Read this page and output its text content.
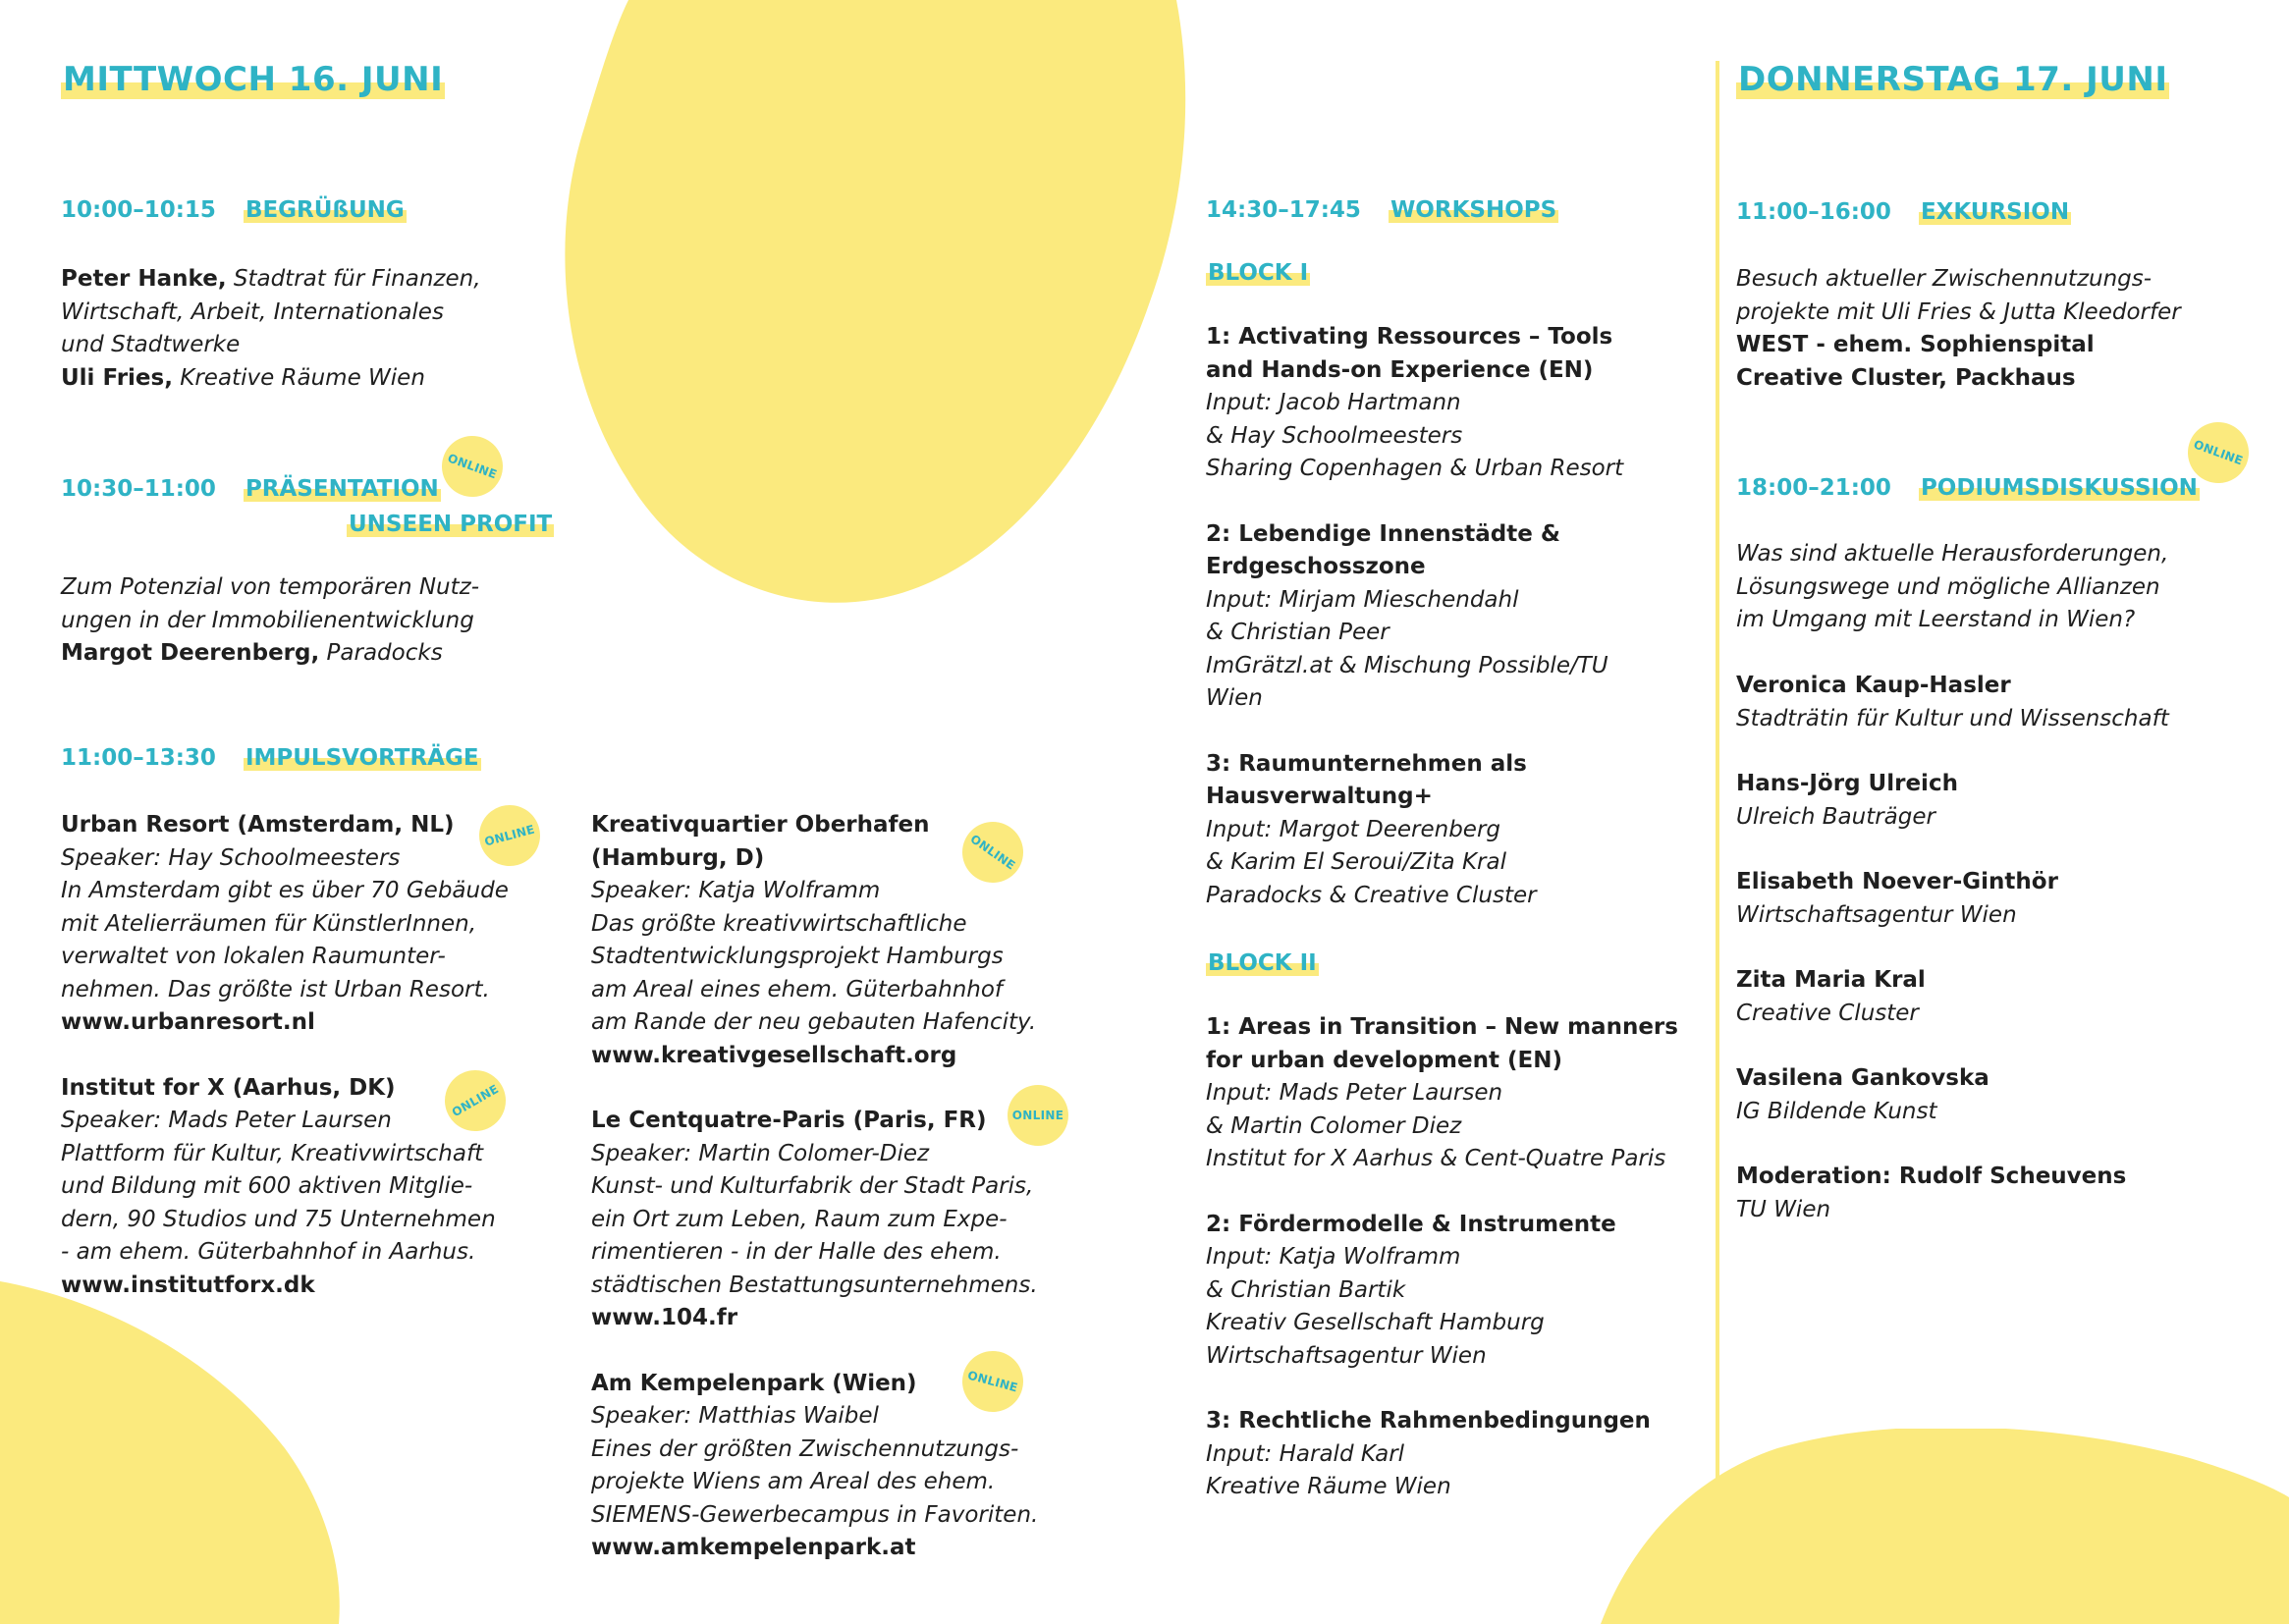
MITTWOCH 16. JUNI
10:00–10:15 BEGRÜßUNG
Peter Hanke, Stadtrat für Finanzen,
Wirtschaft, Arbeit, Internationales
und Stadtwerke
Uli Fries, Kreative Räume Wien
10:30–11:00 PRÄSENTATION
UNSEEN PROFIT
ONLINE
Zum Potenzial von temporären Nutz-
ungen in der Immobilienentwicklung
Margot Deerenberg, Paradocks
11:00–13:30 IMPULSVORTRÄGE
Urban Resort (Amsterdam, NL)
Speaker: Hay Schoolmeesters
In Amsterdam gibt es über 70 Gebäude
mit Atelierräumen für KünstlerInnen,
verwaltet von lokalen Raumunter-
nehmen. Das größte ist Urban Resort.
www.urbanresort.nl
Institut for X (Aarhus, DK)
Speaker: Mads Peter Laursen
Plattform für Kultur, Kreativwirtschaft
und Bildung mit 600 aktiven Mitglie-
dern, 90 Studios und 75 Unternehmen
- am ehem. Güterbahnhof in Aarhus.
www.institutforx.dk
ONLINE
ONLINE
Kreativquartier Oberhafen
(Hamburg, D)
Speaker: Katja Wolframm
Das größte kreativwirtschaftliche
Stadtentwicklungsprojekt Hamburgs
am Areal eines ehem. Güterbahnhof
am Rande der neu gebauten Hafencity.
www.kreativgesellschaft.org
Le Centquatre-Paris (Paris, FR)
Speaker: Martin Colomer-Diez
Kunst- und Kulturfabrik der Stadt Paris,
ein Ort zum Leben, Raum zum Expe-
rimentieren - in der Halle des ehem.
städtischen Bestattungsunternehmens.
www.104.fr
Am Kempelenpark (Wien)
Speaker: Matthias Waibel
Eines der größten Zwischennutzungs-
projekte Wiens am Areal des ehem.
SIEMENS-Gewerbecampus in Favoriten.
www.amkempelenpark.at
ONLINE
ONLINE
ONLINE
14:30–17:45 WORKSHOPS
BLOCK I
1: Activating Ressources – Tools
and Hands-on Experience (EN)
Input: Jacob Hartmann
& Hay Schoolmeesters
Sharing Copenhagen & Urban Resort
2: Lebendige Innenstädte &
Erdgeschosszone
Input: Mirjam Mieschendahl
& Christian Peer
ImGrätzl.at & Mischung Possible/TU
Wien
3: Raumunternehmen als
Hausverwaltung+
Input: Margot Deerenberg
& Karim El Seroui/Zita Kral
Paradocks & Creative Cluster
BLOCK II
1: Areas in Transition – New manners
for urban development (EN)
Input: Mads Peter Laursen
& Martin Colomer Diez
Institut for X Aarhus & Cent-Quatre Paris
2: Fördermodelle & Instrumente
Input: Katja Wolframm
& Christian Bartik
Kreativ Gesellschaft Hamburg
Wirtschaftsagentur Wien
3: Rechtliche Rahmenbedingungen
Input: Harald Karl
Kreative Räume Wien
DONNERSTAG 17. JUNI
11:00–16:00 EXKURSION
Besuch aktueller Zwischennutzungs-
projekte mit Uli Fries & Jutta Kleedorfer
WEST - ehem. Sophienspital
Creative Cluster, Packhaus
18:00–21:00 PODIUMSDISKUSSION
ONLINE
Was sind aktuelle Herausforderungen,
Lösungswege und mögliche Allianzen
im Umgang mit Leerstand in Wien?
Veronica Kaup-Hasler
Stadträtin für Kultur und Wissenschaft
Hans-Jörg Ulreich
Ulreich Bauträger
Elisabeth Noever-Ginthör
Wirtschaftsagentur Wien
Zita Maria Kral
Creative Cluster
Vasilena Gankovska
IG Bildende Kunst
Moderation: Rudolf Scheuvens
TU Wien
